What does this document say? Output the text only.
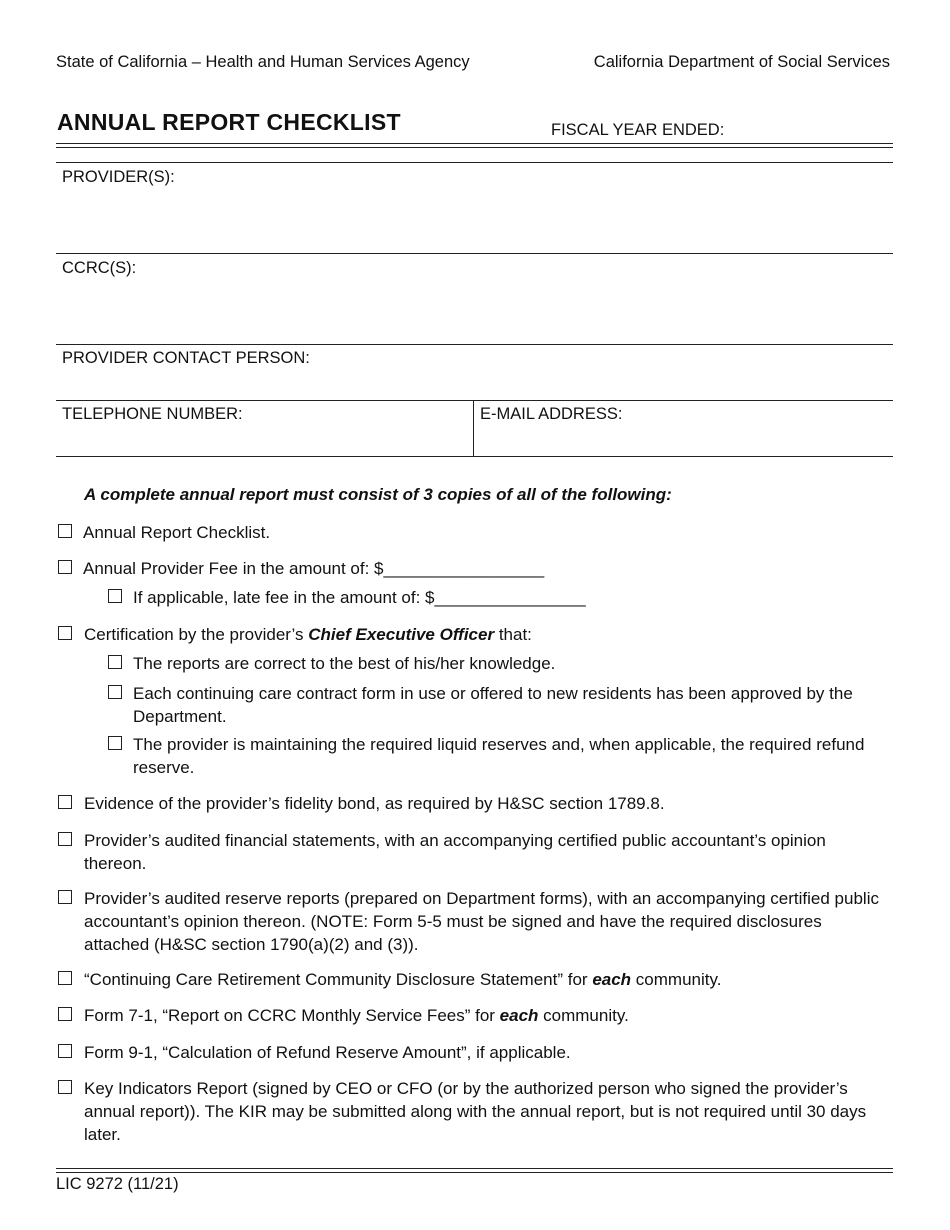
State of California – Health and Human Services Agency	California Department of Social Services
ANNUAL REPORT CHECKLIST	FISCAL YEAR ENDED:
PROVIDER(S):
CCRC(S):
PROVIDER CONTACT PERSON:
TELEPHONE NUMBER:	E-MAIL ADDRESS:
A complete annual report must consist of 3 copies of all of the following:
Annual Report Checklist.
Annual Provider Fee in the amount of: $_________________
If applicable, late fee in the amount of: $________________
Certification by the provider’s Chief Executive Officer that:
The reports are correct to the best of his/her knowledge.
Each continuing care contract form in use or offered to new residents has been approved by the Department.
The provider is maintaining the required liquid reserves and, when applicable, the required refund reserve.
Evidence of the provider’s fidelity bond, as required by H&SC section 1789.8.
Provider’s audited financial statements, with an accompanying certified public accountant’s opinion thereon.
Provider’s audited reserve reports (prepared on Department forms), with an accompanying certified public accountant’s opinion thereon. (NOTE: Form 5-5 must be signed and have the required disclosures attached (H&SC section 1790(a)(2) and (3)).
“Continuing Care Retirement Community Disclosure Statement” for each community.
Form 7-1, “Report on CCRC Monthly Service Fees” for each community.
Form 9-1, “Calculation of Refund Reserve Amount”, if applicable.
Key Indicators Report (signed by CEO or CFO (or by the authorized person who signed the provider’s annual report)). The KIR may be submitted along with the annual report, but is not required until 30 days later.
LIC 9272 (11/21)
